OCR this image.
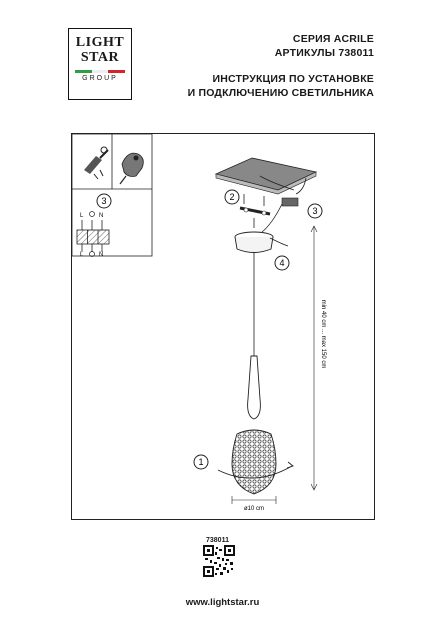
LIGHT
STAR
GROUP
СЕРИЯ ACRILE
АРТИКУЛЫ 738011
ИНСТРУКЦИЯ ПО УСТАНОВКЕ
И ПОДКЛЮЧЕНИЮ СВЕТИЛЬНИКА
3
L	N
L	N
2
3
4
1
ø10 cm
min 40 cm ... max 150 cm
738011
www.lightstar.ru
